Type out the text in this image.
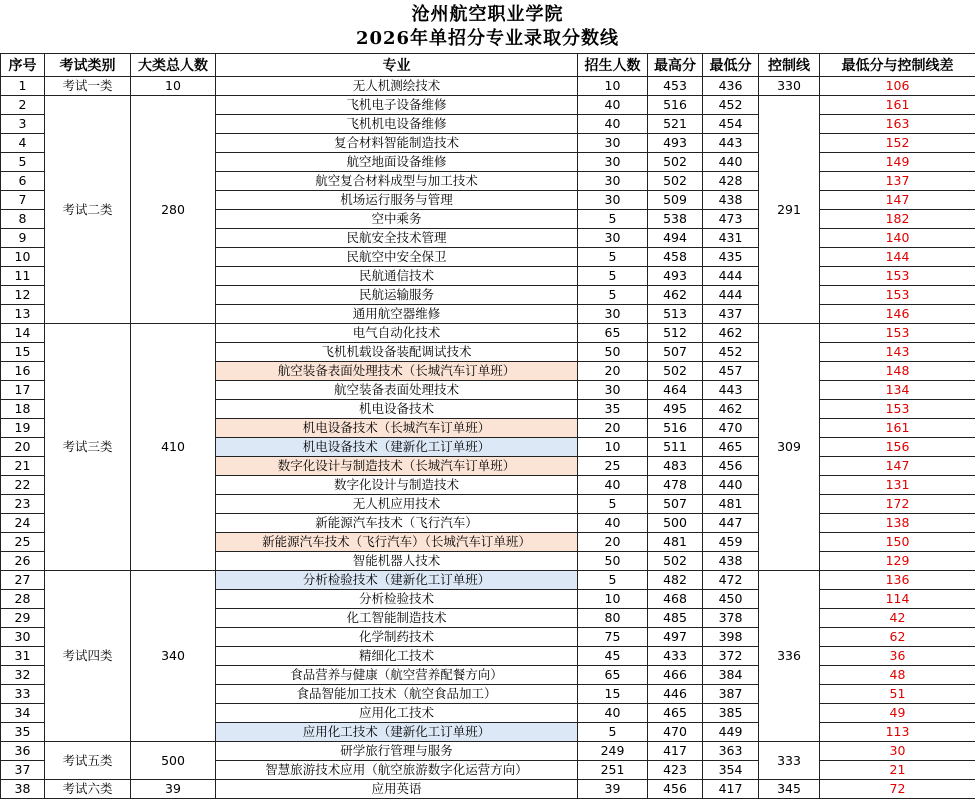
沧州航空职业学院
2026年单招分专业录取分数线
序号	考试类别	大类总人数	专业	招生人数	最高分	最低分	控制线	最低分与控制线差
1	考试一类	10	无人机测绘技术	10	453	436	330	106
2	考试二类	280	飞机电子设备维修	40	516	452	291	161
3			飞机机电设备维修	40	521	454		163
4			复合材料智能制造技术	30	493	443		152
5			航空地面设备维修	30	502	440		149
6			航空复合材料成型与加工技术	30	502	428		137
7			机场运行服务与管理	30	509	438		147
8			空中乘务	5	538	473		182
9			民航安全技术管理	30	494	431		140
10			民航空中安全保卫	5	458	435		144
11			民航通信技术	5	493	444		153
12			民航运输服务	5	462	444		153
13			通用航空器维修	30	513	437		146
14	考试三类	410	电气自动化技术	65	512	462	309	153
15			飞机机载设备装配调试技术	50	507	452		143
16			航空装备表面处理技术（长城汽车订单班）	20	502	457		148
17			航空装备表面处理技术	30	464	443		134
18			机电设备技术	35	495	462		153
19			机电设备技术（长城汽车订单班）	20	516	470		161
20			机电设备技术（建新化工订单班）	10	511	465		156
21			数字化设计与制造技术（长城汽车订单班）	25	483	456		147
22			数字化设计与制造技术	40	478	440		131
23			无人机应用技术	5	507	481		172
24			新能源汽车技术（飞行汽车）	40	500	447		138
25			新能源汽车技术（飞行汽车）（长城汽车订单班）	20	481	459		150
26			智能机器人技术	50	502	438		129
27	考试四类	340	分析检验技术（建新化工订单班）	5	482	472	336	136
28			分析检验技术	10	468	450		114
29			化工智能制造技术	80	485	378		42
30			化学制药技术	75	497	398		62
31			精细化工技术	45	433	372		36
32			食品营养与健康（航空营养配餐方向）	65	466	384		48
33			食品智能加工技术（航空食品加工）	15	446	387		51
34			应用化工技术	40	465	385		49
35			应用化工技术（建新化工订单班）	5	470	449		113
36	考试五类	500	研学旅行管理与服务	249	417	363	333	30
37			智慧旅游技术应用（航空旅游数字化运营方向）	251	423	354		21
38	考试六类	39	应用英语	39	456	417	345	72
